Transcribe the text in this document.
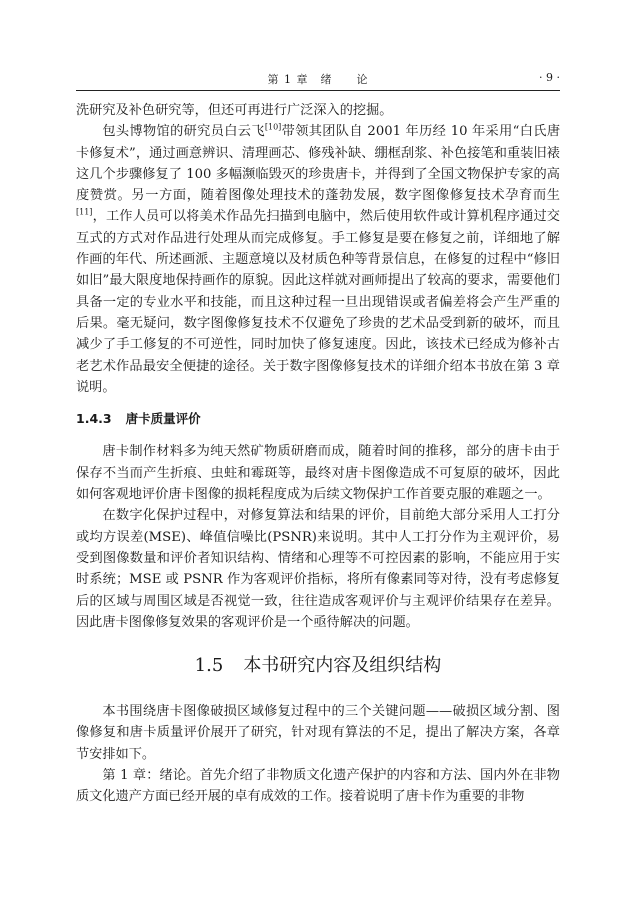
第 1 章　绪　　论	· 9 ·

洗研究及补色研究等，但还可再进行广泛深入的挖掘。

包头博物馆的研究员白云飞[10]带领其团队自 2001 年历经 10 年采用“白氏唐卡修复术”，通过画意辨识、清理画芯、修残补缺、绷框刮浆、补色接笔和重装旧裱这几个步骤修复了 100 多幅濒临毁灭的珍贵唐卡，并得到了全国文物保护专家的高度赞赏。另一方面，随着图像处理技术的蓬勃发展，数字图像修复技术孕育而生[11]，工作人员可以将美术作品先扫描到电脑中，然后使用软件或计算机程序通过交互式的方式对作品进行处理从而完成修复。手工修复是要在修复之前，详细地了解作画的年代、所述画派、主题意境以及材质色种等背景信息，在修复的过程中“修旧如旧”最大限度地保持画作的原貌。因此这样就对画师提出了较高的要求，需要他们具备一定的专业水平和技能，而且这种过程一旦出现错误或者偏差将会产生严重的后果。毫无疑问，数字图像修复技术不仅避免了珍贵的艺术品受到新的破坏，而且减少了手工修复的不可逆性，同时加快了修复速度。因此，该技术已经成为修补古老艺术作品最安全便捷的途径。关于数字图像修复技术的详细介绍本书放在第 3 章说明。

1.4.3 唐卡质量评价

唐卡制作材料多为纯天然矿物质研磨而成，随着时间的推移，部分的唐卡由于保存不当而产生折痕、虫蛀和霉斑等，最终对唐卡图像造成不可复原的破坏，因此如何客观地评价唐卡图像的损耗程度成为后续文物保护工作首要克服的难题之一。

在数字化保护过程中，对修复算法和结果的评价，目前绝大部分采用人工打分或均方误差(MSE)、峰值信噪比(PSNR)来说明。其中人工打分作为主观评价，易受到图像数量和评价者知识结构、情绪和心理等不可控因素的影响，不能应用于实时系统；MSE 或 PSNR 作为客观评价指标，将所有像素同等对待，没有考虑修复后的区域与周围区域是否视觉一致，往往造成客观评价与主观评价结果存在差异。因此唐卡图像修复效果的客观评价是一个亟待解决的问题。

1.5 本书研究内容及组织结构

本书围绕唐卡图像破损区域修复过程中的三个关键问题——破损区域分割、图像修复和唐卡质量评价展开了研究，针对现有算法的不足，提出了解决方案，各章节安排如下。

第 1 章：绪论。首先介绍了非物质文化遗产保护的内容和方法、国内外在非物质文化遗产方面已经开展的卓有成效的工作。接着说明了唐卡作为重要的非物
